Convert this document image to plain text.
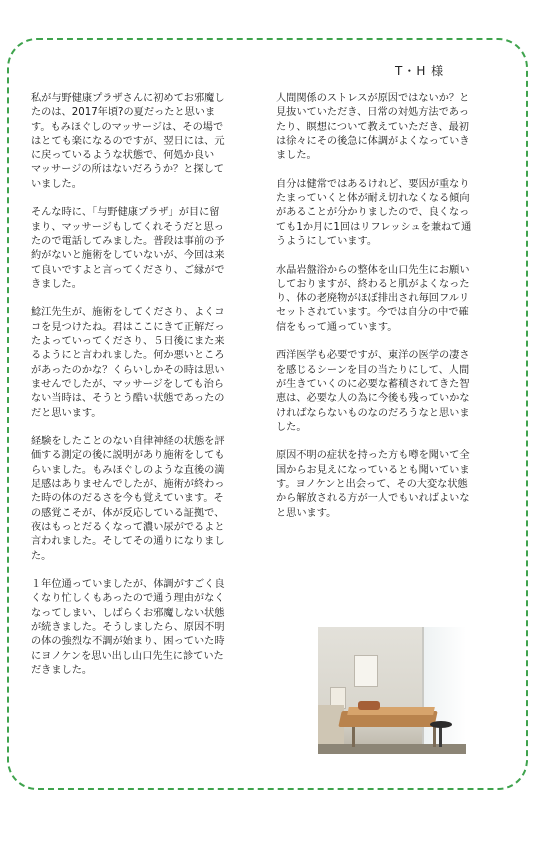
T・H 様

私が与野健康プラザさんに初めてお邪魔し
たのは、2017年頃?の夏だったと思いま
す。もみほぐしのマッサージは、その場で
はとても楽になるのですが、翌日には、元
に戻っているような状態で、何処か良い
マッサージの所はないだろうか？と探して
いました。

そんな時に、「与野健康プラザ」が目に留
まり、マッサージもしてくれそうだと思っ
たので電話してみました。普段は事前の予
約がないと施術をしていないが、今回は来
て良いですよと言ってくださり、ご縁がで
きました。

鯰江先生が、施術をしてくださり、よくコ
コを見つけたね。君はここにきて正解だっ
たよっていってくださり、５日後にまた来
るようにと言われました。何か悪いところ
があったのかな？くらいしかその時は思い
ませんでしたが、マッサージをしても治ら
ない当時は、そうとう酷い状態であったの
だと思います。

経験をしたことのない自律神経の状態を評
価する測定の後に説明があり施術をしても
らいました。もみほぐしのような直後の満
足感はありませんでしたが、施術が終わっ
た時の体のだるさを今も覚えています。そ
の感覚こそが、体が反応している証拠で、
夜はもっとだるくなって濃い尿がでるよと
言われました。そしてその通りになりまし
た。

１年位通っていましたが、体調がすごく良
くなり忙しくもあったので通う理由がなく
なってしまい、しばらくお邪魔しない状態
が続きました。そうしましたら、原因不明
の体の強烈な不調が始まり、困っていた時
にヨノケンを思い出し山口先生に診ていた
だきました。

人間関係のストレスが原因ではないか？と
見抜いていただき、日常の対処方法であっ
たり、瞑想について教えていただき、最初
は徐々にその後急に体調がよくなっていき
ました。

自分は健常ではあるけれど、要因が重なり
たまっていくと体が耐え切れなくなる傾向
があることが分かりましたので、良くなっ
ても1か月に1回はリフレッシュを兼ねて通
うようにしています。

水晶岩盤浴からの整体を山口先生にお願い
しておりますが、終わると肌がよくなった
り、体の老廃物がほぼ排出され毎回フルリ
セットされています。今では自分の中で確
信をもって通っています。

西洋医学も必要ですが、東洋の医学の凄さ
を感じるシーンを目の当たりにして、人間
が生きていくのに必要な蓄積されてきた智
恵は、必要な人の為に今後も残っていかな
ければならないものなのだろうなと思いま
した。

原因不明の症状を持った方も噂を聞いて全
国からお見えになっているとも聞いていま
す。ヨノケンと出会って、その大変な状態
から解放される方が一人でもいればよいな
と思います。
